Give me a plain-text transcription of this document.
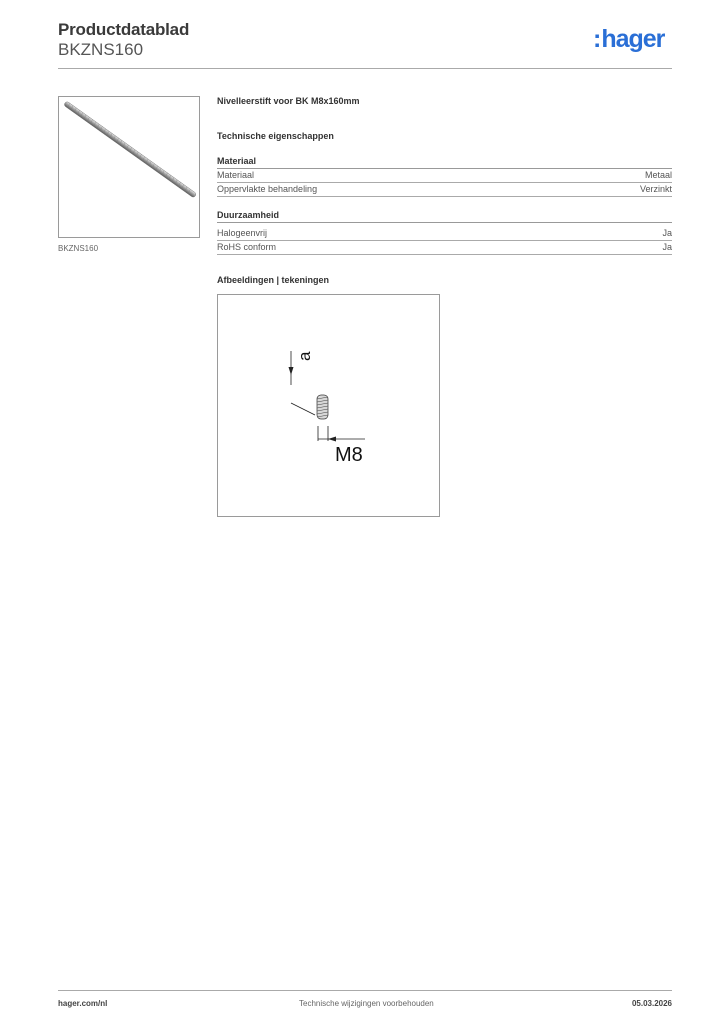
Productdatablad
BKZNS160	:hager
BKZNS160
Nivelleerstift voor BK M8x160mm
Technische eigenschappen
Materiaal
Materiaal	Metaal
Oppervlakte behandeling	Verzinkt
Duurzaamheid
Halogeenvrij	Ja
RoHS conform	Ja
Afbeeldingen | tekeningen
a
M8
hager.com/nl	Technische wijzigingen voorbehouden	05.03.2026
